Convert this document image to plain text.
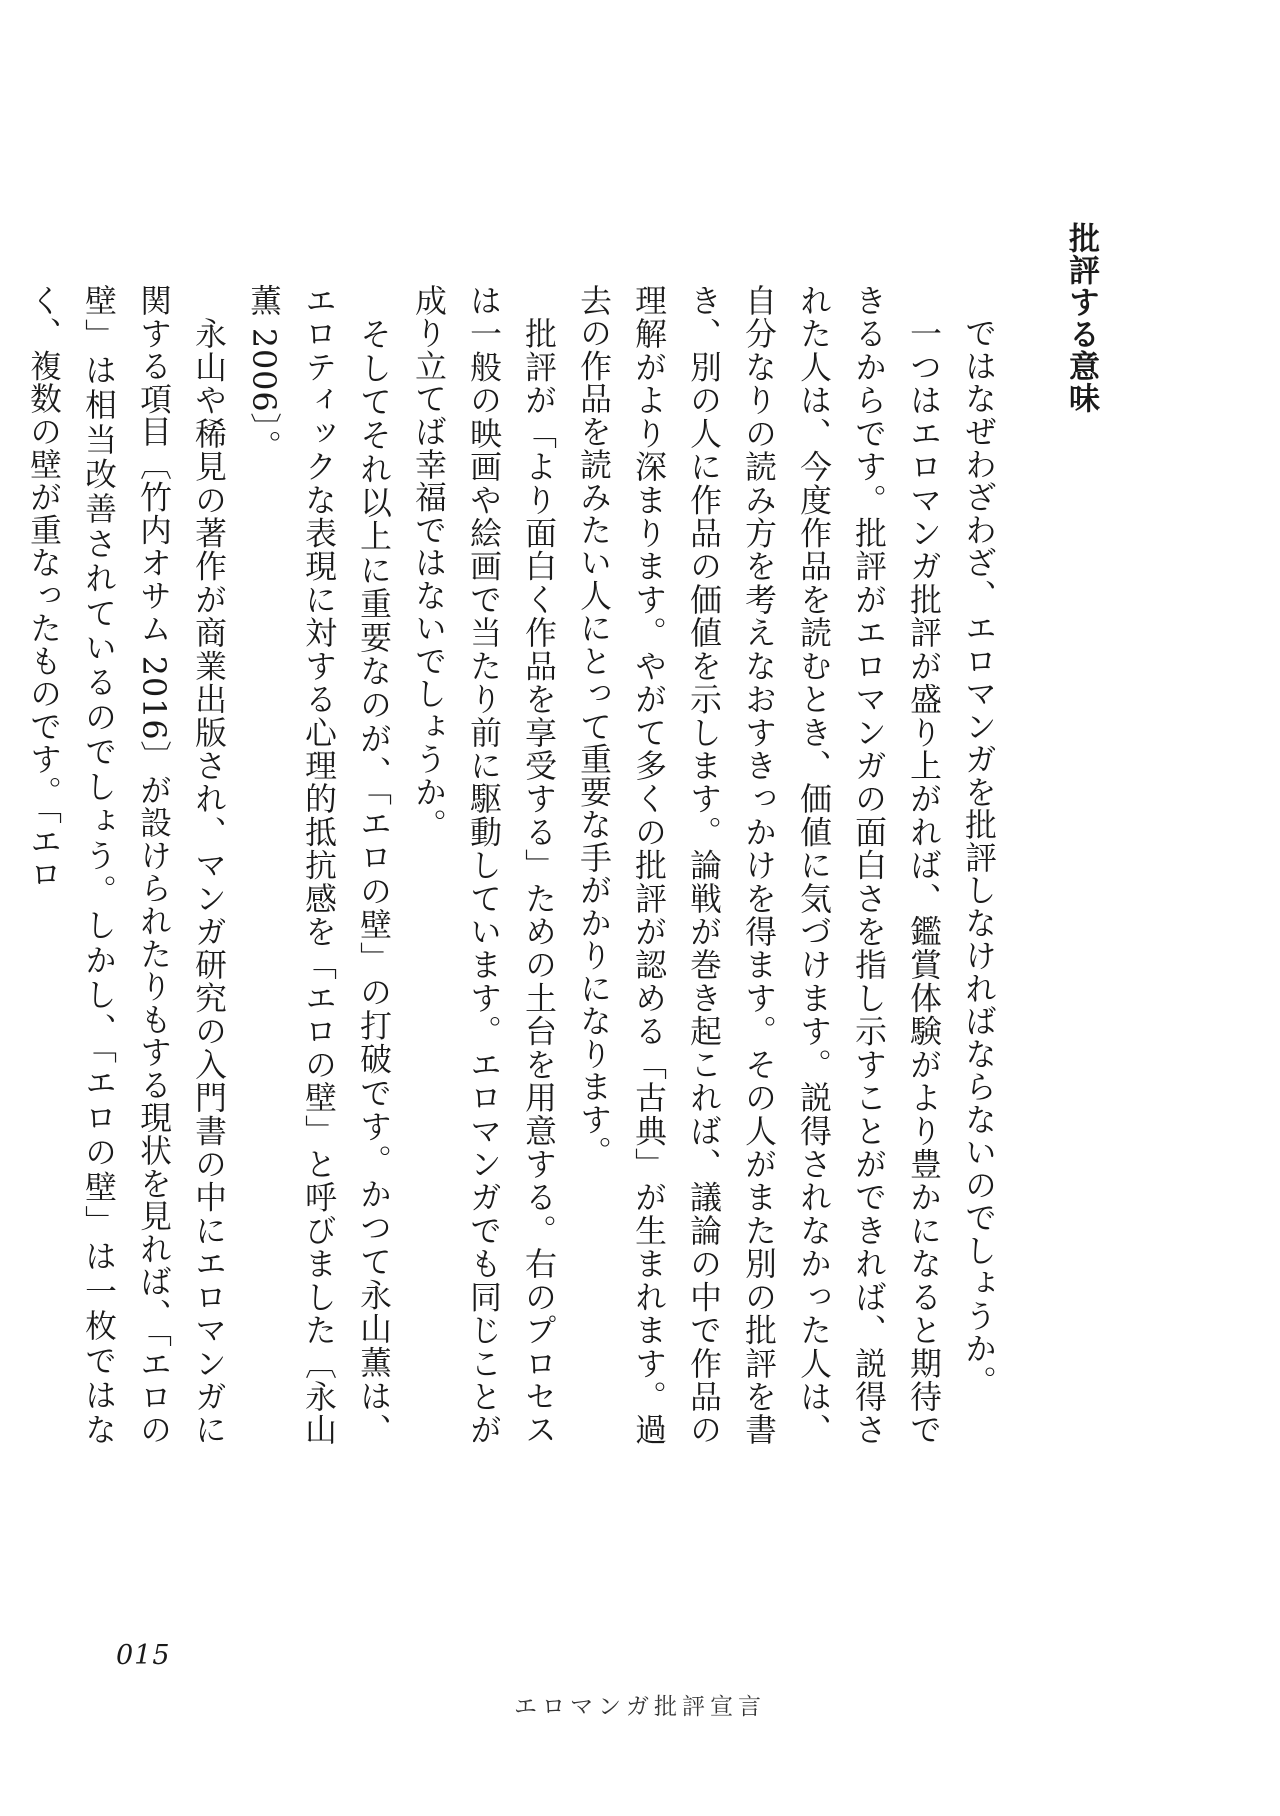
批評する意味

　ではなぜわざわざ、エロマンガを批評しなければならないのでしょうか。

　一つはエロマンガ批評が盛り上がれば、鑑賞体験がより豊かになると期待できるからです。批評がエロマンガの面白さを指し示すことができれば、説得された人は、今度作品を読むとき、価値に気づけます。説得されなかった人は、自分なりの読み方を考えなおすきっかけを得ます。その人がまた別の批評を書き、別の人に作品の価値を示します。論戦が巻き起これば、議論の中で作品の理解がより深まります。やがて多くの批評が認める「古典」が生まれます。過去の作品を読みたい人にとって重要な手がかりになります。

　批評が「より面白く作品を享受する」ための土台を用意する。右のプロセスは一般の映画や絵画で当たり前に駆動しています。エロマンガでも同じことが成り立てば幸福ではないでしょうか。

　そしてそれ以上に重要なのが、「エロの壁」の打破です。かつて永山薫は、エロティックな表現に対する心理的抵抗感を「エロの壁」と呼びました〔永山薫 2006〕。

　永山や稀見の著作が商業出版され、マンガ研究の入門書の中にエロマンガに関する項目〔竹内オサム 2016〕が設けられたりもする現状を見れば、「エロの壁」は相当改善されているのでしょう。しかし、「エロの壁」は一枚ではなく、複数の壁が重なったものです。「エロ

015
エロマンガ批評宣言
